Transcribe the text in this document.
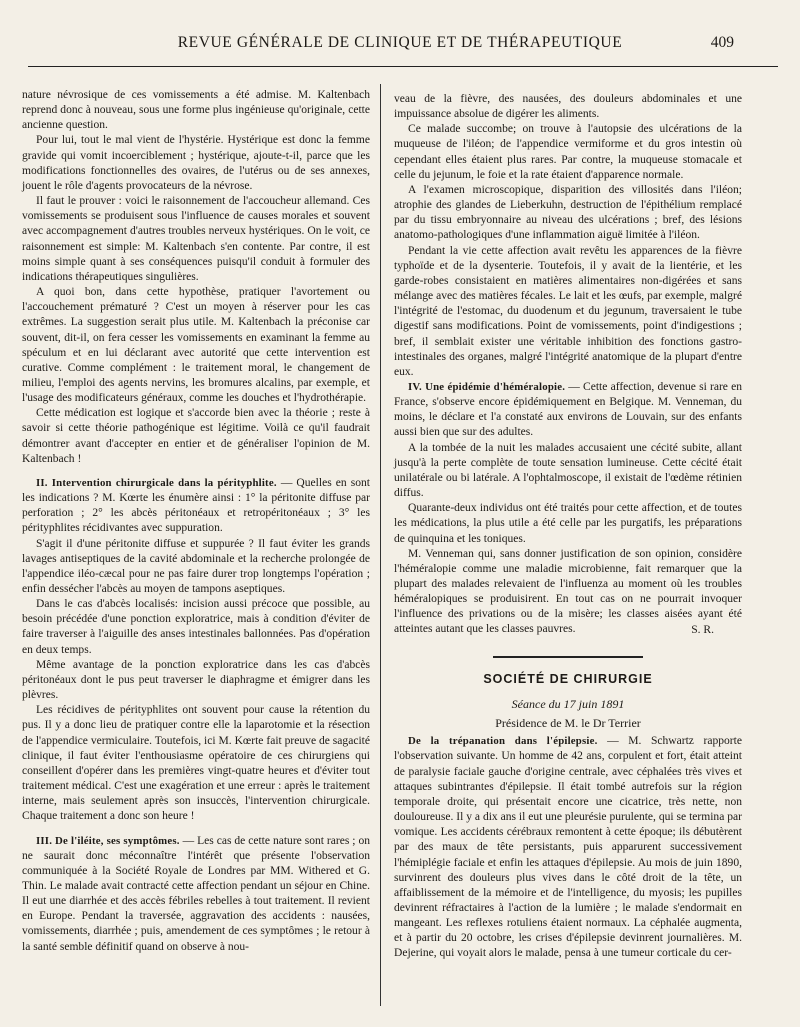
REVUE GÉNÉRALE DE CLINIQUE ET DE THÉRAPEUTIQUE	409

nature névrosique de ces vomissements a été admise. M. Kaltenbach reprend donc à nouveau, sous une forme plus ingénieuse qu'originale, cette ancienne question.

Pour lui, tout le mal vient de l'hystérie. Hystérique est donc la femme gravide qui vomit incoerciblement ; hystérique, ajoute-t-il, parce que les modifications fonctionnelles des ovaires, de l'utérus ou de ses annexes, jouent le rôle d'agents provocateurs de la névrose.

Il faut le prouver : voici le raisonnement de l'accoucheur allemand. Ces vomissements se produisent sous l'influence de causes morales et souvent avec accompagnement d'autres troubles nerveux hystériques. On le voit, ce raisonnement est simple: M. Kaltenbach s'en contente. Par contre, il est moins simple quant à ses conséquences puisqu'il conduit à formuler des indications thérapeutiques singulières.

A quoi bon, dans cette hypothèse, pratiquer l'avortement ou l'accouchement prématuré ? C'est un moyen à réserver pour les cas extrêmes. La suggestion serait plus utile. M. Kaltenbach la préconise car souvent, dit-il, on fera cesser les vomissements en examinant la femme au spéculum et en lui déclarant avec autorité que cette intervention est curative. Comme complément : le traitement moral, le changement de milieu, l'emploi des agents nervins, les bromures alcalins, par exemple, et l'usage des modificateurs généraux, comme les douches et l'hydrothérapie.

Cette médication est logique et s'accorde bien avec la théorie ; reste à savoir si cette théorie pathogénique est légitime. Voilà ce qu'il faudrait démontrer avant d'accepter en entier et de généraliser l'opinion de M. Kaltenbach !

II. Intervention chirurgicale dans la pérityphlite. — Quelles en sont les indications ? M. Kœrte les énumère ainsi : 1° la péritonite diffuse par perforation ; 2° les abcès péritonéaux et retropéritonéaux ; 3° les pérityphlites récidivantes avec suppuration.

S'agit il d'une péritonite diffuse et suppurée ? Il faut éviter les grands lavages antiseptiques de la cavité abdominale et la recherche prolongée de l'appendice iléo-cæcal pour ne pas faire durer trop longtemps l'opération ; enfin dessécher l'abcès au moyen de tampons aseptiques.

Dans le cas d'abcès localisés: incision aussi précoce que possible, au besoin précédée d'une ponction exploratrice, mais à condition d'éviter de faire traverser à l'aiguille des anses intestinales ballonnées. Pas d'opération en deux temps.

Même avantage de la ponction exploratrice dans les cas d'abcès péritonéaux dont le pus peut traverser le diaphragme et émigrer dans les plèvres.

Les récidives de pérityphlites ont souvent pour cause la rétention du pus. Il y a donc lieu de pratiquer contre elle la laparotomie et la résection de l'appendice vermiculaire. Toutefois, ici M. Kœrte fait preuve de sagacité clinique, il faut éviter l'enthousiasme opératoire de ces chirurgiens qui conseillent d'opérer dans les premières vingt-quatre heures et d'éviter tout traitement médical. C'est une exagération et une erreur : après le traitement interne, mais seulement après son insuccès, l'intervention chirurgicale. Chaque traitement a donc son heure !

III. De l'iléite, ses symptômes. — Les cas de cette nature sont rares ; on ne saurait donc méconnaître l'intérêt que présente l'observation communiquée à la Société Royale de Londres par MM. Withered et G. Thin. Le malade avait contracté cette affection pendant un séjour en Chine. Il eut une diarrhée et des accès fébriles rebelles à tout traitement. Il revient en Europe. Pendant la traversée, aggravation des accidents : nausées, vomissements, diarrhée ; puis, amendement de ces symptômes ; le retour à la santé semble définitif quand on observe à nou-

veau de la fièvre, des nausées, des douleurs abdominales et une impuissance absolue de digérer les aliments.

Ce malade succombe; on trouve à l'autopsie des ulcérations de la muqueuse de l'iléon; de l'appendice vermiforme et du gros intestin où cependant elles étaient plus rares. Par contre, la muqueuse stomacale et celle du jejunum, le foie et la rate étaient d'apparence normale.

A l'examen microscopique, disparition des villosités dans l'iléon; atrophie des glandes de Lieberkuhn, destruction de l'épithélium remplacé par du tissu embryonnaire au niveau des ulcérations ; bref, des lésions anatomo-pathologiques d'une inflammation aiguë limitée à l'iléon.

Pendant la vie cette affection avait revêtu les apparences de la fièvre typhoïde et de la dysenterie. Toutefois, il y avait de la lientérie, et les garde-robes consistaient en matières alimentaires non-digérées et sans mélange avec des matières fécales. Le lait et les œufs, par exemple, malgré l'intégrité de l'estomac, du duodenum et du jegunum, traversaient le tube digestif sans modifications. Point de vomissements, point d'indigestions ; bref, il semblait exister une véritable inhibition des fonctions gastro-intestinales des organes, malgré l'intégrité anatomique de la plupart d'entre eux.

IV. Une épidémie d'héméralopie. — Cette affection, devenue si rare en France, s'observe encore épidémiquement en Belgique. M. Venneman, du moins, le déclare et l'a constaté aux environs de Louvain, sur des enfants aussi bien que sur des adultes.

A la tombée de la nuit les malades accusaient une cécité subite, allant jusqu'à la perte complète de toute sensation lumineuse. Cette cécité était unilatérale ou bi latérale. A l'ophtalmoscope, il existait de l'œdème rétinien diffus.

Quarante-deux individus ont été traités pour cette affection, et de toutes les médications, la plus utile a été celle par les purgatifs, les préparations de quinquina et les toniques.

M. Venneman qui, sans donner justification de son opinion, considère l'héméralopie comme une maladie microbienne, fait remarquer que la plupart des malades relevaient de l'influenza au moment où les troubles héméralopiques se produisirent. En tout cas on ne pourrait invoquer l'influence des privations ou de la misère; les classes aisées ayant été atteintes autant que les classes pauvres.	S. R.
SOCIÉTÉ DE CHIRURGIE
Séance du 17 juin 1891
Présidence de M. le Dr Terrier

De la trépanation dans l'épilepsie. — M. Schwartz rapporte l'observation suivante. Un homme de 42 ans, corpulent et fort, était atteint de paralysie faciale gauche d'origine centrale, avec céphalées très vives et attaques subintrantes d'épilepsie. Il était tombé autrefois sur la région temporale droite, qui présentait encore une cicatrice, très nette, non douloureuse. Il y a dix ans il eut une pleurésie purulente, qui se termina par vomique. Les accidents cérébraux remontent à cette époque; ils débutèrent par des maux de tête persistants, puis apparurent successivement l'hémiplégie faciale et enfin les attaques d'épilepsie. Au mois de juin 1890, survinrent des douleurs plus vives dans le côté droit de la tête, un affaiblissement de la mémoire et de l'intelligence, du myosis; les pupilles devinrent réfractaires à l'action de la lumière ; le malade s'endormait en mangeant. Les reflexes rotuliens étaient normaux. La céphalée augmenta, et à partir du 20 octobre, les crises d'épilepsie devinrent journalières. M. Dejerine, qui voyait alors le malade, pensa à une tumeur corticale du cer-
